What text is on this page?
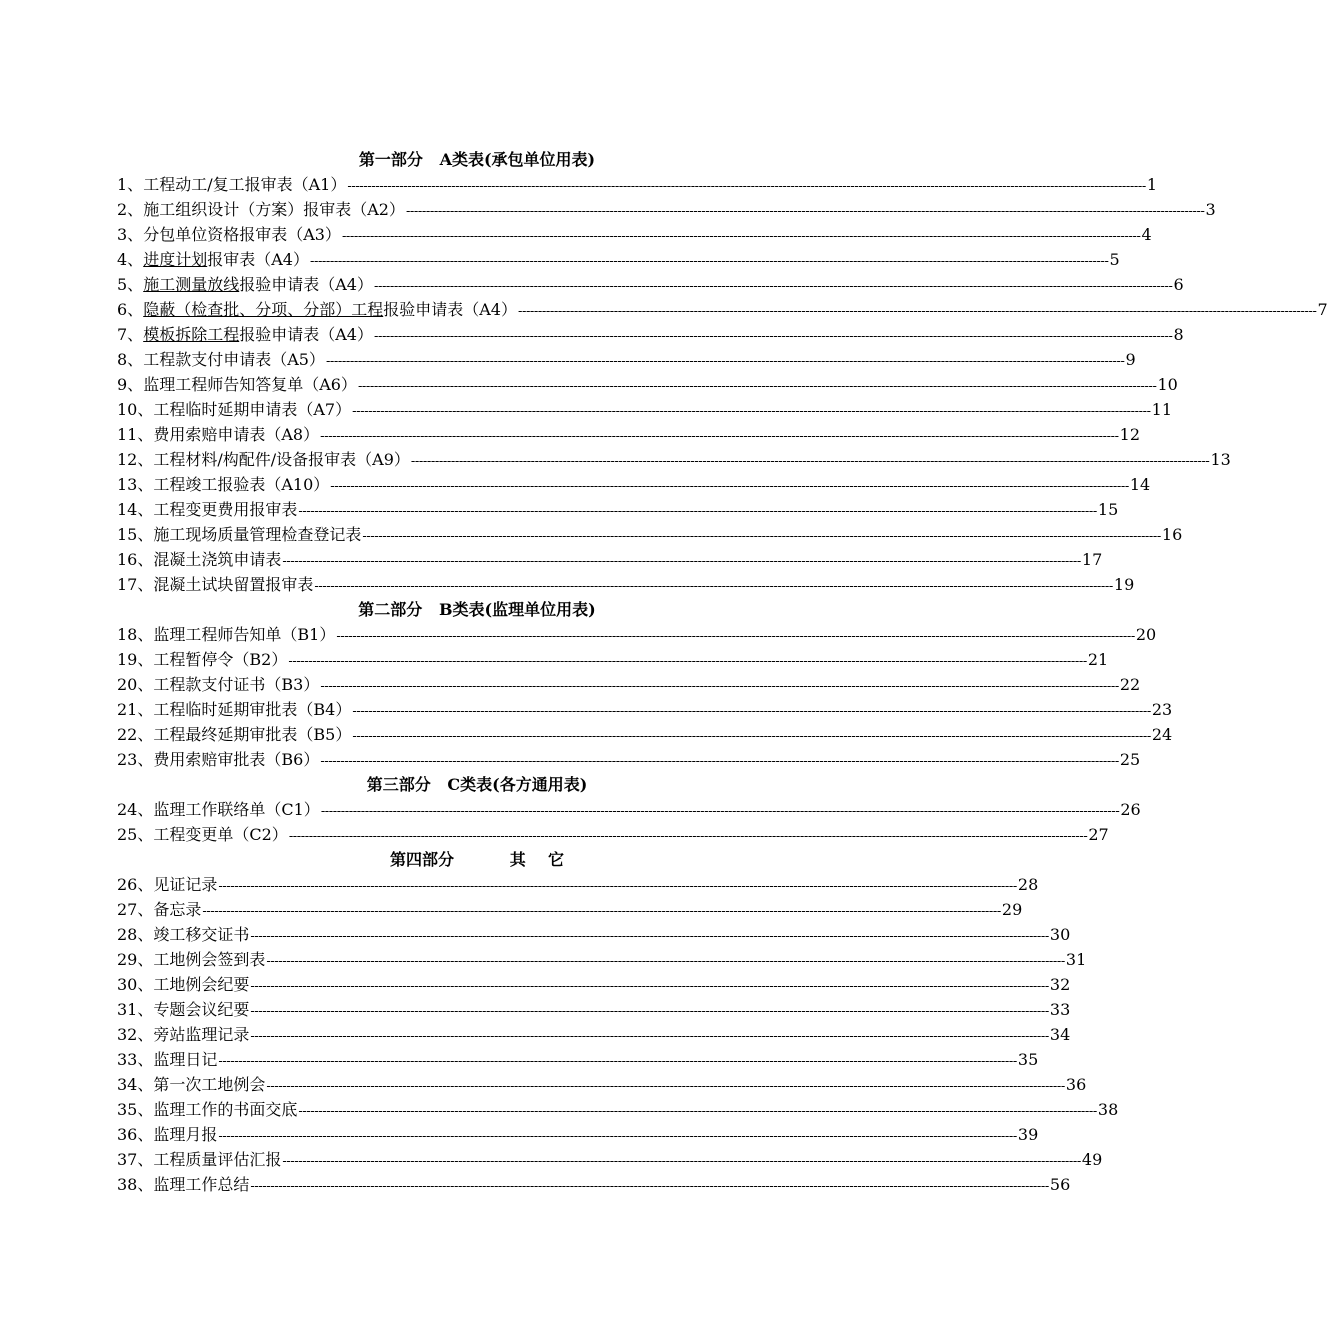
第一部分   A类表(承包单位用表)
1、 工程动工/复工报审表（A1） -------------------------------------------------------------------------------------------------------------------------------------------------------------------------------------------------------- 1
2、 施工组织设计（方案）报审表（A2） -------------------------------------------------------------------------------------------------------------------------------------------------------------------------------------------------------- 3
3、 分包单位资格报审表（A3） -------------------------------------------------------------------------------------------------------------------------------------------------------------------------------------------------------- 4
4、 进度计划报审表（A4） -------------------------------------------------------------------------------------------------------------------------------------------------------------------------------------------------------- 5
5、 施工测量放线报验申请表（A4） -------------------------------------------------------------------------------------------------------------------------------------------------------------------------------------------------------- 6
6、 隐蔽（检查批、分项、分部）工程报验申请表（A4） -------------------------------------------------------------------------------------------------------------------------------------------------------------------------------------------------------- 7
7、 模板拆除工程报验申请表（A4） -------------------------------------------------------------------------------------------------------------------------------------------------------------------------------------------------------- 8
8、 工程款支付申请表（A5） -------------------------------------------------------------------------------------------------------------------------------------------------------------------------------------------------------- 9
9、 监理工程师告知答复单（A6） -------------------------------------------------------------------------------------------------------------------------------------------------------------------------------------------------------- 10
10、 工程临时延期申请表（A7） -------------------------------------------------------------------------------------------------------------------------------------------------------------------------------------------------------- 11
11、 费用索赔申请表（A8） -------------------------------------------------------------------------------------------------------------------------------------------------------------------------------------------------------- 12
12、 工程材料/构配件/设备报审表（A9） -------------------------------------------------------------------------------------------------------------------------------------------------------------------------------------------------------- 13
13、 工程竣工报验表（A10） -------------------------------------------------------------------------------------------------------------------------------------------------------------------------------------------------------- 14
14、 工程变更费用报审表 -------------------------------------------------------------------------------------------------------------------------------------------------------------------------------------------------------- 15
15、 施工现场质量管理检查登记表 -------------------------------------------------------------------------------------------------------------------------------------------------------------------------------------------------------- 16
16、 混凝土浇筑申请表 -------------------------------------------------------------------------------------------------------------------------------------------------------------------------------------------------------- 17
17、 混凝土试块留置报审表 -------------------------------------------------------------------------------------------------------------------------------------------------------------------------------------------------------- 19
第二部分   B类表(监理单位用表)
18、 监理工程师告知单（B1） -------------------------------------------------------------------------------------------------------------------------------------------------------------------------------------------------------- 20
19、 工程暂停令（B2） -------------------------------------------------------------------------------------------------------------------------------------------------------------------------------------------------------- 21
20、 工程款支付证书（B3） -------------------------------------------------------------------------------------------------------------------------------------------------------------------------------------------------------- 22
21、 工程临时延期审批表（B4） -------------------------------------------------------------------------------------------------------------------------------------------------------------------------------------------------------- 23
22、 工程最终延期审批表（B5） -------------------------------------------------------------------------------------------------------------------------------------------------------------------------------------------------------- 24
23、 费用索赔审批表（B6） -------------------------------------------------------------------------------------------------------------------------------------------------------------------------------------------------------- 25
第三部分   C类表(各方通用表)
24、 监理工作联络单（C1） -------------------------------------------------------------------------------------------------------------------------------------------------------------------------------------------------------- 26
25、 工程变更单（C2） -------------------------------------------------------------------------------------------------------------------------------------------------------------------------------------------------------- 27
第四部分          其    它
26、 见证记录 -------------------------------------------------------------------------------------------------------------------------------------------------------------------------------------------------------- 28
27、 备忘录 -------------------------------------------------------------------------------------------------------------------------------------------------------------------------------------------------------- 29
28、 竣工移交证书 -------------------------------------------------------------------------------------------------------------------------------------------------------------------------------------------------------- 30
29、 工地例会签到表 -------------------------------------------------------------------------------------------------------------------------------------------------------------------------------------------------------- 31
30、 工地例会纪要 -------------------------------------------------------------------------------------------------------------------------------------------------------------------------------------------------------- 32
31、 专题会议纪要 -------------------------------------------------------------------------------------------------------------------------------------------------------------------------------------------------------- 33
32、 旁站监理记录 -------------------------------------------------------------------------------------------------------------------------------------------------------------------------------------------------------- 34
33、 监理日记 -------------------------------------------------------------------------------------------------------------------------------------------------------------------------------------------------------- 35
34、 第一次工地例会 -------------------------------------------------------------------------------------------------------------------------------------------------------------------------------------------------------- 36
35、 监理工作的书面交底 -------------------------------------------------------------------------------------------------------------------------------------------------------------------------------------------------------- 38
36、 监理月报 -------------------------------------------------------------------------------------------------------------------------------------------------------------------------------------------------------- 39
37、 工程质量评估汇报 -------------------------------------------------------------------------------------------------------------------------------------------------------------------------------------------------------- 49
38、 监理工作总结 -------------------------------------------------------------------------------------------------------------------------------------------------------------------------------------------------------- 56
